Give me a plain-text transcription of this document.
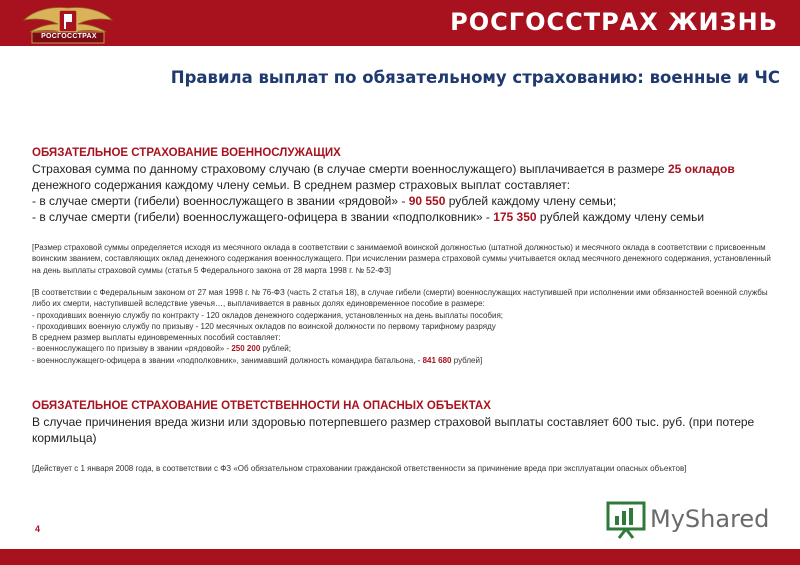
РОСГОССТРАХ
РОСГОССТРАХ ЖИЗНЬ
Правила выплат по обязательному страхованию: военные и ЧС
ОБЯЗАТЕЛЬНОЕ СТРАХОВАНИЕ ВОЕННОСЛУЖАЩИХ
Страховая сумма по данному страховому случаю (в случае смерти военнослужащего) выплачивается в размере 25 окладов
денежного содержания каждому члену семьи. В среднем размер страховых выплат составляет:
- в случае смерти (гибели) военнослужащего в звании «рядовой» - 90 550 рублей каждому члену семьи;
- в случае смерти (гибели) военнослужащего-офицера в звании «подполковник» - 175 350 рублей каждому члену семьи
[Размер страховой суммы определяется исходя из месячного оклада в соответствии с занимаемой воинской должностью (штатной должностью) и месячного оклада в соответствии с присвоенным воинским званием, составляющих оклад денежного содержания военнослужащего. При исчислении размера страховой суммы учитывается оклад месячного денежного содержания, установленный на день выплаты страховой суммы (статья 5 Федерального закона от 28 марта 1998 г. № 52-ФЗ]
[В соответствии с Федеральным законом от 27 мая 1998 г. № 76-ФЗ (часть 2 статья 18), в случае гибели (смерти) военнослужащих наступившей при исполнении ими обязанностей военной службы либо их смерти, наступившей вследствие увечья…, выплачивается в равных долях единовременное пособие в размере:
- проходивших военную службу по контракту - 120 окладов денежного содержания, установленных на день выплаты пособия;
- проходивших военную службу по призыву - 120 месячных окладов по воинской должности по первому тарифному разряду
В среднем размер выплаты единовременных пособий составляет:
- военнослужащего по призыву в звании «рядовой» - 250 200 рублей;
- военнослужащего-офицера в звании «подполковник», занимавший должность командира батальона, - 841 680 рублей]
ОБЯЗАТЕЛЬНОЕ СТРАХОВАНИЕ ОТВЕТСТВЕННОСТИ НА ОПАСНЫХ ОБЪЕКТАХ
В случае причинения вреда жизни или здоровью потерпевшего размер страховой выплаты составляет 600 тыс. руб. (при потере кормильца)
[Действует с 1 января 2008 года, в соответствии с ФЗ «Об обязательном страховании гражданской ответственности за причинение вреда при эксплуатации опасных объектов]
4	MyShared
